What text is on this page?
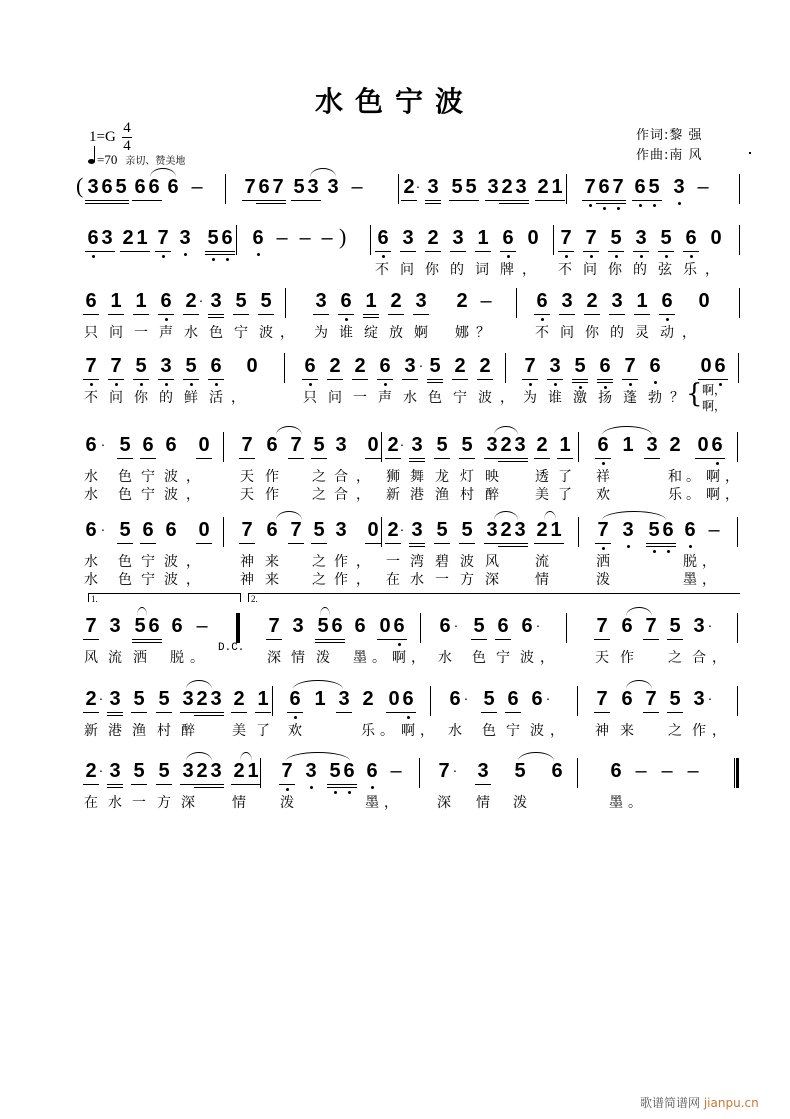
水色宁波
1=G
4
4
=70 亲切、赞美地
作词:黎 强
作曲:南 风
3 6 5 6 6 6 – 7 6 7 5 3 3 – 2 · 3 5 5 3 2 3 2 1 7 6 7 6 5 3 –
(
6 3 2 1 7 3 5 6 6 – – – 6 3 2 3 1 6 0 7 7 5 3 5 6 0
)
不 问 你 的 词 牌 ， 不 问 你 的 弦 乐 ，
6 1 1 6 2 · 3 5 5 3 6 1 2 3 2 – 6 3 2 3 1 6 0
只 问 一 声 水 色 宁 波 ， 为 谁 绽 放 婀 娜 ？	不 问 你 的 灵 动 ，
7 7 5 3 5 6 0 6 2 2 6 3 · 5 2 2 7 3 5 6 7 6 0 6
不 问 你 的 鲜 活 ，	只 问 一 声 水 色 宁 波 ， 为 谁 激 扬 蓬 勃 ？ { 啊，
啊，
6 · 5 6 6 0 7 6 7 5 3 0 2 · 3 5 5 3 2 3 2 1 6 1 3 2 0 6
水 色 宁 波 ，	天 作 之 合 ， 狮 舞 龙 灯 映	透 了 祥	和 。 啊 ，
水 色 宁 波 ，	天 作 之 合 ， 新 港 渔 村 醉	美 了 欢	乐 。 啊 ，
6 · 5 6 6 0 7 6 7 5 3 0 2 · 3 5 5 3 2 3 2 1 7 3 5 6 6 –
水 色 宁 波 ，	神 来 之 作 ， 一 湾 碧 波 风	流	洒	脱 ，
水 色 宁 波 ，	神 来 之 作 ， 在 水 一 方 深	情	泼	墨 ，
7 3 5 6 6 –	7 3 5 6 6 0 6 6 · 5 6 6 ·	7 6 7 5 3 ·
1.	2.
D.C.
风 流 洒 脱 。	深 情 泼 墨 。 啊 ， 水 色 宁 波 ，	天 作 之 合 ，
2 · 3 5 5 3 2 3 2 1 6 1 3 2 0 6 6 · 5 6 6 · 7 6 7 5 3 ·
新 港 渔 村 醉	美 了 欢	乐 。 啊 ， 水 色 宁 波 ， 神 来 之 作 ，
2 · 3 5 5 3 2 3 2 1 7 3 5 6 6 – 7 · 3 5 6 6 – – –
在 水 一 方 深	情 泼	墨 ，	深 情 泼	墨 。
歌谱简谱网 jianpu.cn
